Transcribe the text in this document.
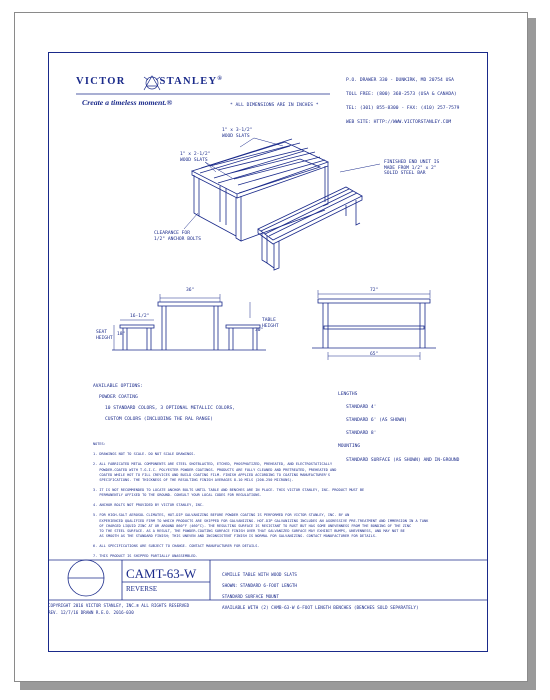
VICTOR	STANLEY®
Create a timeless moment.®

P.O. DRAWER 330 - DUNKIRK, MD 20754 USA

TOLL FREE: (800) 368-2573 (USA & CANADA)

TEL: (301) 855-8300 - FAX: (410) 257-7579

WEB SITE: HTTP://WWW.VICTORSTANLEY.COM

* ALL DIMENSIONS ARE IN INCHES *
1" x 3-1/2"
WOOD SLATS
1" x 2-1/2"
WOOD SLATS	FINISHED END UNIT IS
MADE FROM 1/2" x 2"
SOLID STEEL BAR
CLEARANCE FOR
1/2" ANCHOR BOLTS
36"
16-1/2"
SEAT
HEIGHT
18"
TABLE
HEIGHT
30"
72"
65"

AVAILABLE OPTIONS:

POWDER COATING

10 STANDARD COLORS, 3 OPTIONAL METALLIC COLORS,

CUSTOM COLORS (INCLUDING THE RAL RANGE)

LENGTHS

STANDARD 4'

STANDARD 6' (AS SHOWN)

STANDARD 8'

MOUNTING

STANDARD SURFACE (AS SHOWN) AND IN-GROUND

NOTES:

1. DRAWINGS NOT TO SCALE. DO NOT SCALE DRAWINGS.

2. ALL FABRICATED METAL COMPONENTS ARE STEEL SHOTBLASTED, ETCHED, PHOSPHATIZED, PREHEATED, AND ELECTROSTATICALLY
POWDER-COATED WITH T.G.I.C. POLYESTER POWDER COATINGS. PRODUCTS ARE FULLY CLEANED AND PRETREATED, PREHEATED AND
COATED WHILE HOT TO FILL CREVICES AND BUILD COATING FILM. FINISH APPLIED ACCORDING TO COATING MANUFACTURER'S
SPECIFICATIONS. THE THICKNESS OF THE RESULTING FINISH AVERAGES 8-10 MILS (200-250 MICRONS).

3. IT IS NOT RECOMMENDED TO LOCATE ANCHOR BOLTS UNTIL TABLE AND BENCHES ARE IN PLACE. THIS VICTOR STANLEY, INC. PRODUCT MUST BE
PERMANENTLY AFFIXED TO THE GROUND. CONSULT YOUR LOCAL CODES FOR REGULATIONS.

4. ANCHOR BOLTS NOT PROVIDED BY VICTOR STANLEY, INC.

5. FOR HIGH-SALT AEROSOL CLIMATES, HOT-DIP GALVANIZING BEFORE POWDER COATING IS PERFORMED FOR VICTOR STANLEY, INC. BY AN
EXPERIENCED QUALIFIED FIRM TO WHICH PRODUCTS ARE SHIPPED FOR GALVANIZING. HOT-DIP GALVANIZING INCLUDES AN AGGRESSIVE PRE-TREATMENT AND IMMERSION IN A TANK
OF CHARGED LIQUID ZINC AT OR AROUND 860°F (460°C). THE RESULTING SURFACE IS RESISTANT TO RUST BUT HAS SOME UNEVENNESS FROM THE BONDING OF THE ZINC
TO THE STEEL SURFACE. AS A RESULT, THE POWDER-COATING SURFACE FINISH OVER THAT GALVANIZED SURFACE MAY EXHIBIT BUMPS, UNEVENNESS, AND MAY NOT BE
AS SMOOTH AS THE STANDARD FINISH; THIS UNEVEN AND INCONSISTENT FINISH IS NORMAL FOR GALVANIZING. CONTACT MANUFACTURER FOR DETAILS.

6. ALL SPECIFICATIONS ARE SUBJECT TO CHANGE. CONTACT MANUFACTURER FOR DETAILS.

7. THIS PRODUCT IS SHIPPED PARTIALLY UNASSEMBLED.

CAMT-63-W
REVERSE

CAMILLE TABLE WITH WOOD SLATS

SHOWN: STANDARD 6-FOOT LENGTH

STANDARD SURFACE MOUNT

AVAILABLE WITH (2) CAMB-63-W 6-FOOT LENGTH BENCHES (BENCHES SOLD SEPARATELY)

COPYRIGHT 2016 VICTOR STANLEY, INC.® ALL RIGHTS RESERVED
REV. 12/7/16 DRAWN R.E.O. 2016-030
